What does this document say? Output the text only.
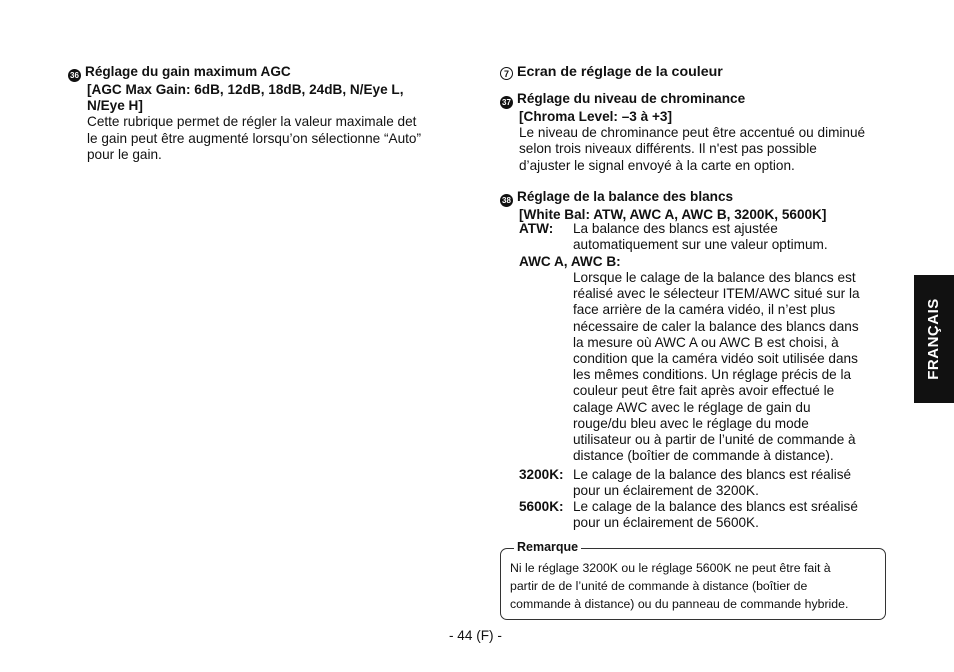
36 Réglage du gain maximum AGC
[AGC Max Gain: 6dB, 12dB, 18dB, 24dB, N/Eye L,
N/Eye H]
Cette rubrique permet de régler la valeur maximale det
le gain peut être augmenté lorsqu’on sélectionne “Auto”
pour le gain.
7 Ecran de réglage de la couleur
37 Réglage du niveau de chrominance
[Chroma Level: –3 à +3]
Le niveau de chrominance peut être accentué ou diminué
selon trois niveaux différents. Il n'est pas possible
d’ajuster le signal envoyé à la carte en option.
38 Réglage de la balance des blancs
[White Bal: ATW, AWC A, AWC B, 3200K, 5600K]
ATW: La balance des blancs est ajustée
automatiquement sur une valeur optimum.
AWC A, AWC B:
Lorsque le calage de la balance des blancs est
réalisé avec le sélecteur ITEM/AWC situé sur la
face arrière de la caméra vidéo, il n’est plus
nécessaire de caler la balance des blancs dans
la mesure où AWC A ou AWC B est choisi, à
condition que la caméra vidéo soit utilisée dans
les mêmes conditions. Un réglage précis de la
couleur peut être fait après avoir effectué le
calage AWC avec le réglage de gain du
rouge/du bleu avec le réglage du mode
utilisateur ou à partir de l’unité de commande à
distance (boîtier de commande à distance).
3200K: Le calage de la balance des blancs est réalisé
pour un éclairement de 3200K.
5600K: Le calage de la balance des blancs est sréalisé
pour un éclairement de 5600K.
Remarque
Ni le réglage 3200K ou le réglage 5600K ne peut être fait à
partir de de l’unité de commande à distance (boîtier de
commande à distance) ou du panneau de commande hybride.
FRANÇAIS
- 44 (F) -
